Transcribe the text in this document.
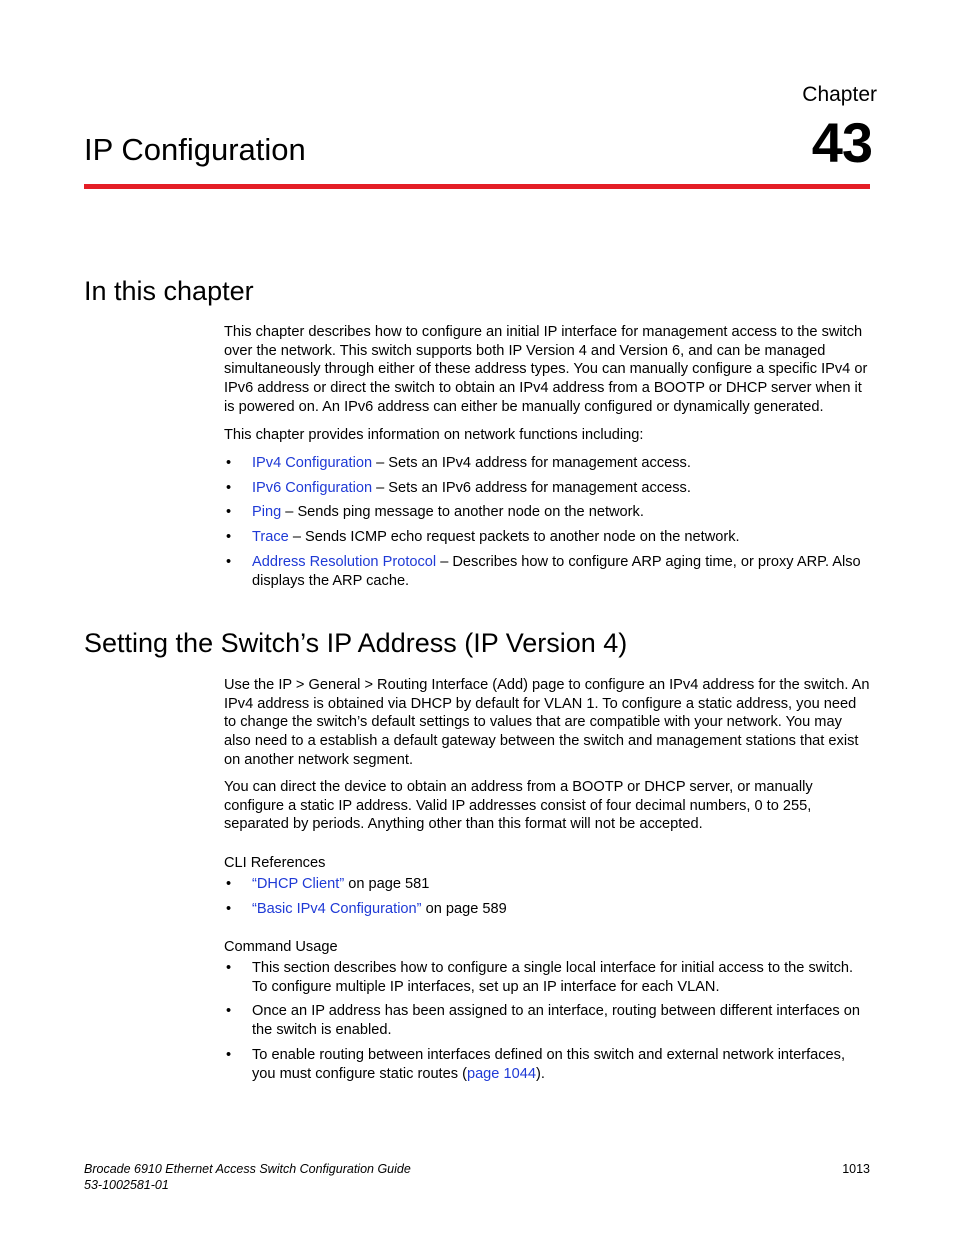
Chapter
43
IP Configuration
In this chapter
This chapter describes how to configure an initial IP interface for management access to the switch over the network. This switch supports both IP Version 4 and Version 6, and can be managed simultaneously through either of these address types. You can manually configure a specific IPv4 or IPv6 address or direct the switch to obtain an IPv4 address from a BOOTP or DHCP server when it is powered on. An IPv6 address can either be manually configured or dynamically generated.
This chapter provides information on network functions including:
• IPv4 Configuration – Sets an IPv4 address for management access.
• IPv6 Configuration – Sets an IPv6 address for management access.
• Ping – Sends ping message to another node on the network.
• Trace – Sends ICMP echo request packets to another node on the network.
• Address Resolution Protocol – Describes how to configure ARP aging time, or proxy ARP. Also displays the ARP cache.
Setting the Switch’s IP Address (IP Version 4)
Use the IP > General > Routing Interface (Add) page to configure an IPv4 address for the switch. An IPv4 address is obtained via DHCP by default for VLAN 1. To configure a static address, you need to change the switch’s default settings to values that are compatible with your network. You may also need to a establish a default gateway between the switch and management stations that exist on another network segment.
You can direct the device to obtain an address from a BOOTP or DHCP server, or manually configure a static IP address. Valid IP addresses consist of four decimal numbers, 0 to 255, separated by periods. Anything other than this format will not be accepted.
CLI References
• “DHCP Client” on page 581
• “Basic IPv4 Configuration” on page 589
Command Usage
• This section describes how to configure a single local interface for initial access to the switch. To configure multiple IP interfaces, set up an IP interface for each VLAN.
• Once an IP address has been assigned to an interface, routing between different interfaces on the switch is enabled.
• To enable routing between interfaces defined on this switch and external network interfaces, you must configure static routes (page 1044).
Brocade 6910 Ethernet Access Switch Configuration Guide
53-1002581-01
1013
